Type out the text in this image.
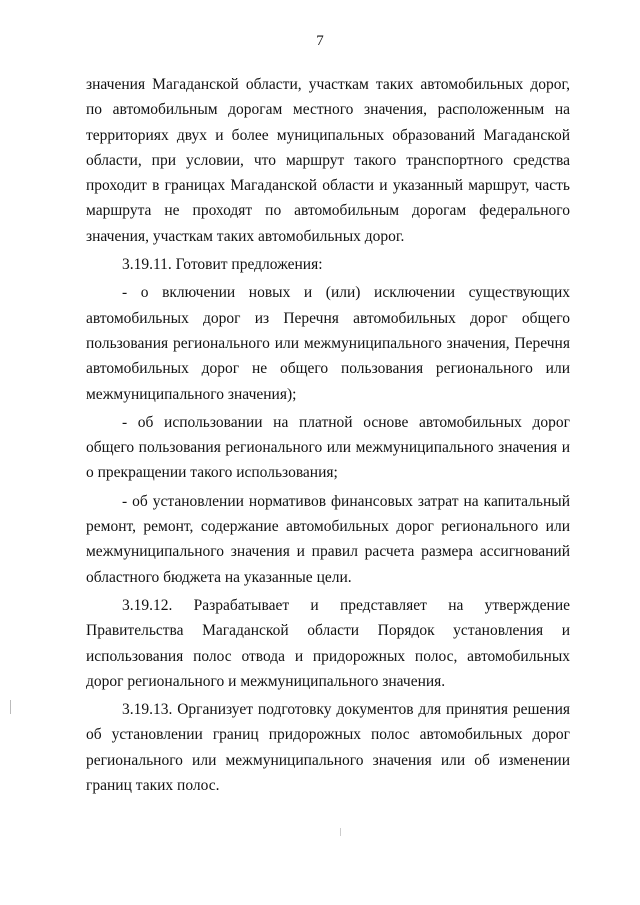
7

значения Магаданской области, участкам таких автомобильных дорог, по автомобильным дорогам местного значения, расположенным на территориях двух и более муниципальных образований Магаданской области, при условии, что маршрут такого транспортного средства проходит в границах Магаданской области и указанный маршрут, часть маршрута не проходят по автомобильным дорогам федерального значения, участкам таких автомобильных дорог.

3.19.11. Готовит предложения:

- о включении новых и (или) исключении существующих автомобильных дорог из Перечня автомобильных дорог общего пользования регионального или межмуниципального значения, Перечня автомобильных дорог не общего пользования регионального или межмуниципального значения);

- об использовании на платной основе автомобильных дорог общего пользования регионального или межмуниципального значения и о прекращении такого использования;

- об установлении нормативов финансовых затрат на капитальный ремонт, ремонт, содержание автомобильных дорог регионального или межмуниципального значения и правил расчета размера ассигнований областного бюджета на указанные цели.

3.19.12. Разрабатывает и представляет на утверждение Правительства Магаданской области Порядок установления и использования полос отвода и придорожных полос, автомобильных дорог регионального и межмуниципального значения.

3.19.13. Организует подготовку документов для принятия решения об установлении границ придорожных полос автомобильных дорог регионального или межмуниципального значения или об изменении границ таких полос.
